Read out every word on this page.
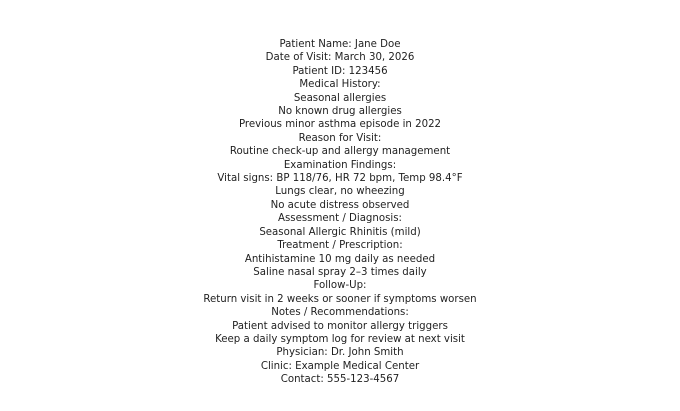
Patient Name: Jane Doe
Date of Visit: March 30, 2026
Patient ID: 123456
Medical History:
Seasonal allergies
No known drug allergies
Previous minor asthma episode in 2022
Reason for Visit:
Routine check-up and allergy management
Examination Findings:
Vital signs: BP 118/76, HR 72 bpm, Temp 98.4°F
Lungs clear, no wheezing
No acute distress observed
Assessment / Diagnosis:
Seasonal Allergic Rhinitis (mild)
Treatment / Prescription:
Antihistamine 10 mg daily as needed
Saline nasal spray 2–3 times daily
Follow-Up:
Return visit in 2 weeks or sooner if symptoms worsen
Notes / Recommendations:
Patient advised to monitor allergy triggers
Keep a daily symptom log for review at next visit
Physician: Dr. John Smith
Clinic: Example Medical Center
Contact: 555-123-4567
